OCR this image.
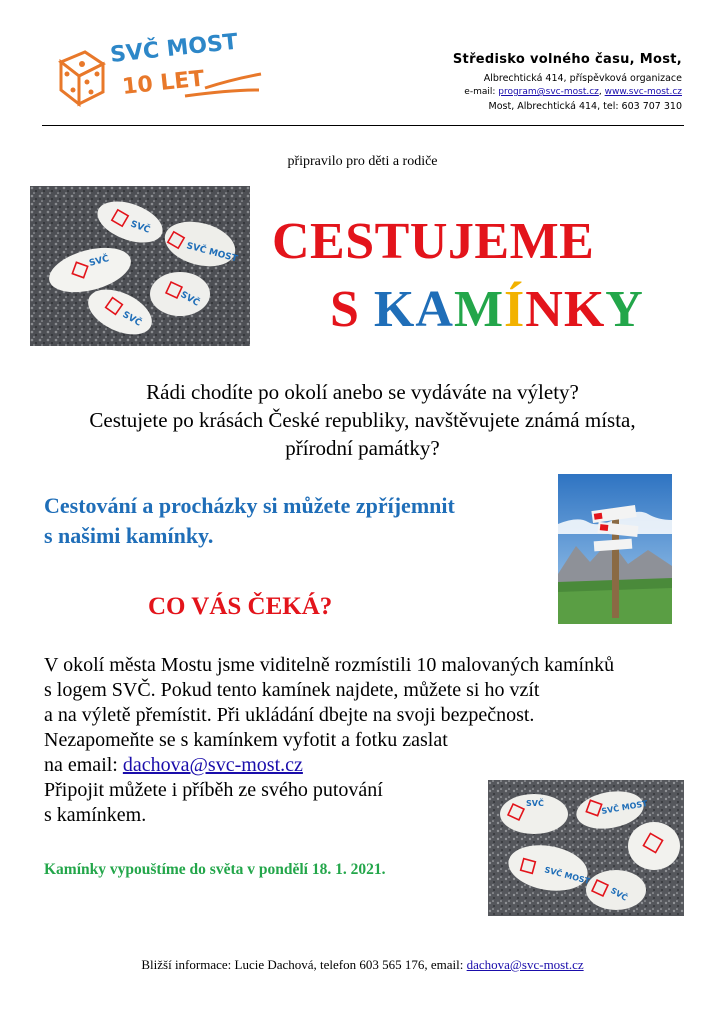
SVČ MOST
10 LET
Středisko volného času, Most,
Albrechtická 414, příspěvková organizace
e-mail: program@svc-most.cz, www.svc-most.cz
Most, Albrechtická 414, tel: 603 707 310
připravilo pro děti a rodiče
SVČ
SVČ MOST
SVČ
SVČ
SVČ
CESTUJEME
S KAMÍNKY
Rádi chodíte po okolí anebo se vydáváte na výlety?
Cestujete po krásách České republiky, navštěvujete známá místa,
přírodní památky?
Cestování a procházky si můžete zpříjemnit
s našimi kamínky.
CO VÁS ČEKÁ?
V okolí města Mostu jsme viditelně rozmístili 10 malovaných kamínků
s logem SVČ. Pokud tento kamínek najdete, můžete si ho vzít
a na výletě přemístit. Při ukládání dbejte na svoji bezpečnost.
Nezapomeňte se s kamínkem vyfotit a fotku zaslat
na email: dachova@svc-most.cz
Připojit můžete i příběh ze svého putování
s kamínkem.
SVČ	SVČ MOST
SVČ MOST
SVČ
Kamínky vypouštíme do světa v pondělí 18. 1. 2021.
Bližší informace: Lucie Dachová, telefon 603 565 176, email: dachova@svc-most.cz
